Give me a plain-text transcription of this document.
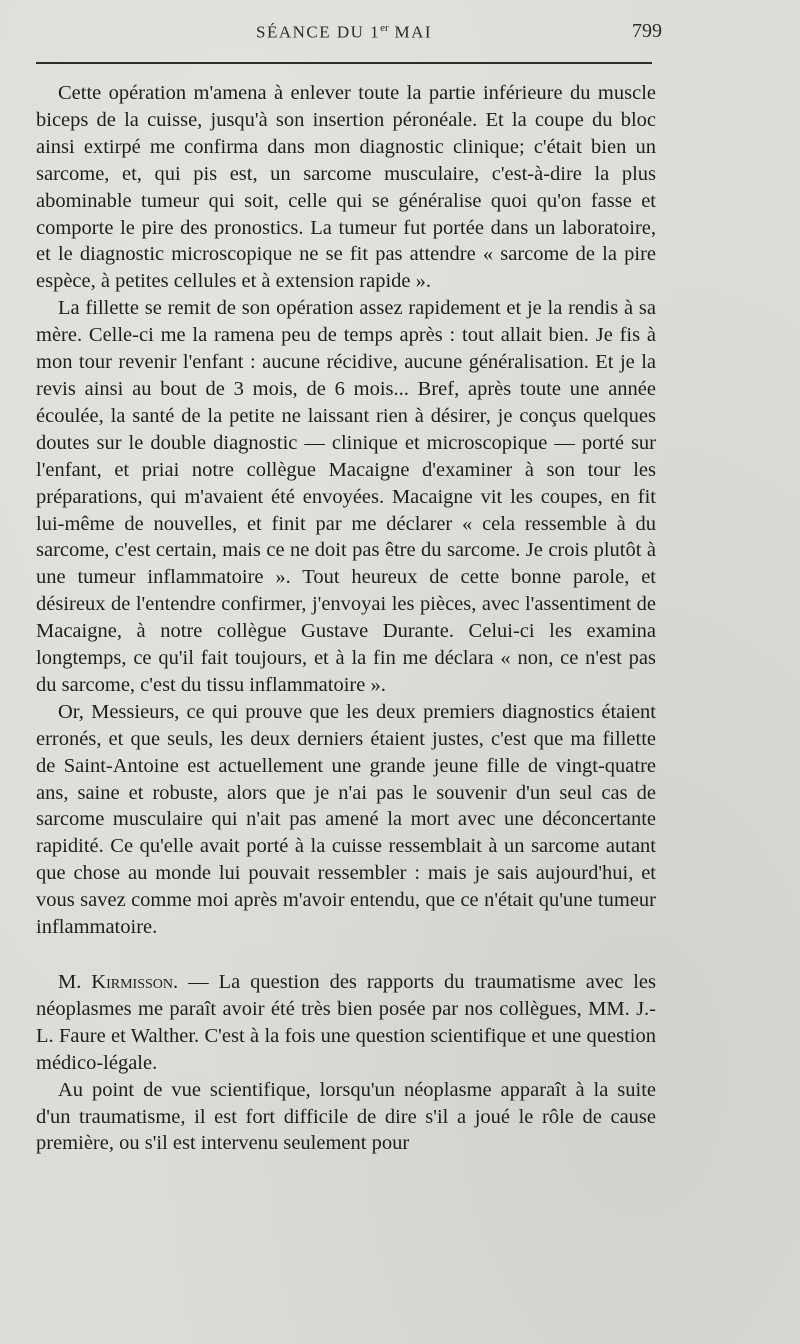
SÉANCE DU 1er MAI	799

Cette opération m'amena à enlever toute la partie inférieure du muscle biceps de la cuisse, jusqu'à son insertion péronéale. Et la coupe du bloc ainsi extirpé me confirma dans mon diagnostic clinique; c'était bien un sarcome, et, qui pis est, un sarcome musculaire, c'est-à-dire la plus abominable tumeur qui soit, celle qui se généralise quoi qu'on fasse et comporte le pire des pronostics. La tumeur fut portée dans un laboratoire, et le diagnostic microscopique ne se fit pas attendre « sarcome de la pire espèce, à petites cellules et à extension rapide ».

La fillette se remit de son opération assez rapidement et je la rendis à sa mère. Celle-ci me la ramena peu de temps après : tout allait bien. Je fis à mon tour revenir l'enfant : aucune récidive, aucune généralisation. Et je la revis ainsi au bout de 3 mois, de 6 mois... Bref, après toute une année écoulée, la santé de la petite ne laissant rien à désirer, je conçus quelques doutes sur le double diagnostic — clinique et microscopique — porté sur l'enfant, et priai notre collègue Macaigne d'examiner à son tour les préparations, qui m'avaient été envoyées. Macaigne vit les coupes, en fit lui-même de nouvelles, et finit par me déclarer « cela ressemble à du sarcome, c'est certain, mais ce ne doit pas être du sarcome. Je crois plutôt à une tumeur inflammatoire ». Tout heureux de cette bonne parole, et désireux de l'entendre confirmer, j'envoyai les pièces, avec l'assentiment de Macaigne, à notre collègue Gustave Durante. Celui-ci les examina longtemps, ce qu'il fait toujours, et à la fin me déclara « non, ce n'est pas du sarcome, c'est du tissu inflammatoire ».

Or, Messieurs, ce qui prouve que les deux premiers diagnostics étaient erronés, et que seuls, les deux derniers étaient justes, c'est que ma fillette de Saint-Antoine est actuellement une grande jeune fille de vingt-quatre ans, saine et robuste, alors que je n'ai pas le souvenir d'un seul cas de sarcome musculaire qui n'ait pas amené la mort avec une déconcertante rapidité. Ce qu'elle avait porté à la cuisse ressemblait à un sarcome autant que chose au monde lui pouvait ressembler : mais je sais aujourd'hui, et vous savez comme moi après m'avoir entendu, que ce n'était qu'une tumeur inflammatoire.

M. Kirmisson. — La question des rapports du traumatisme avec les néoplasmes me paraît avoir été très bien posée par nos collègues, MM. J.-L. Faure et Walther. C'est à la fois une question scientifique et une question médico-légale.

Au point de vue scientifique, lorsqu'un néoplasme apparaît à la suite d'un traumatisme, il est fort difficile de dire s'il a joué le rôle de cause première, ou s'il est intervenu seulement pour
